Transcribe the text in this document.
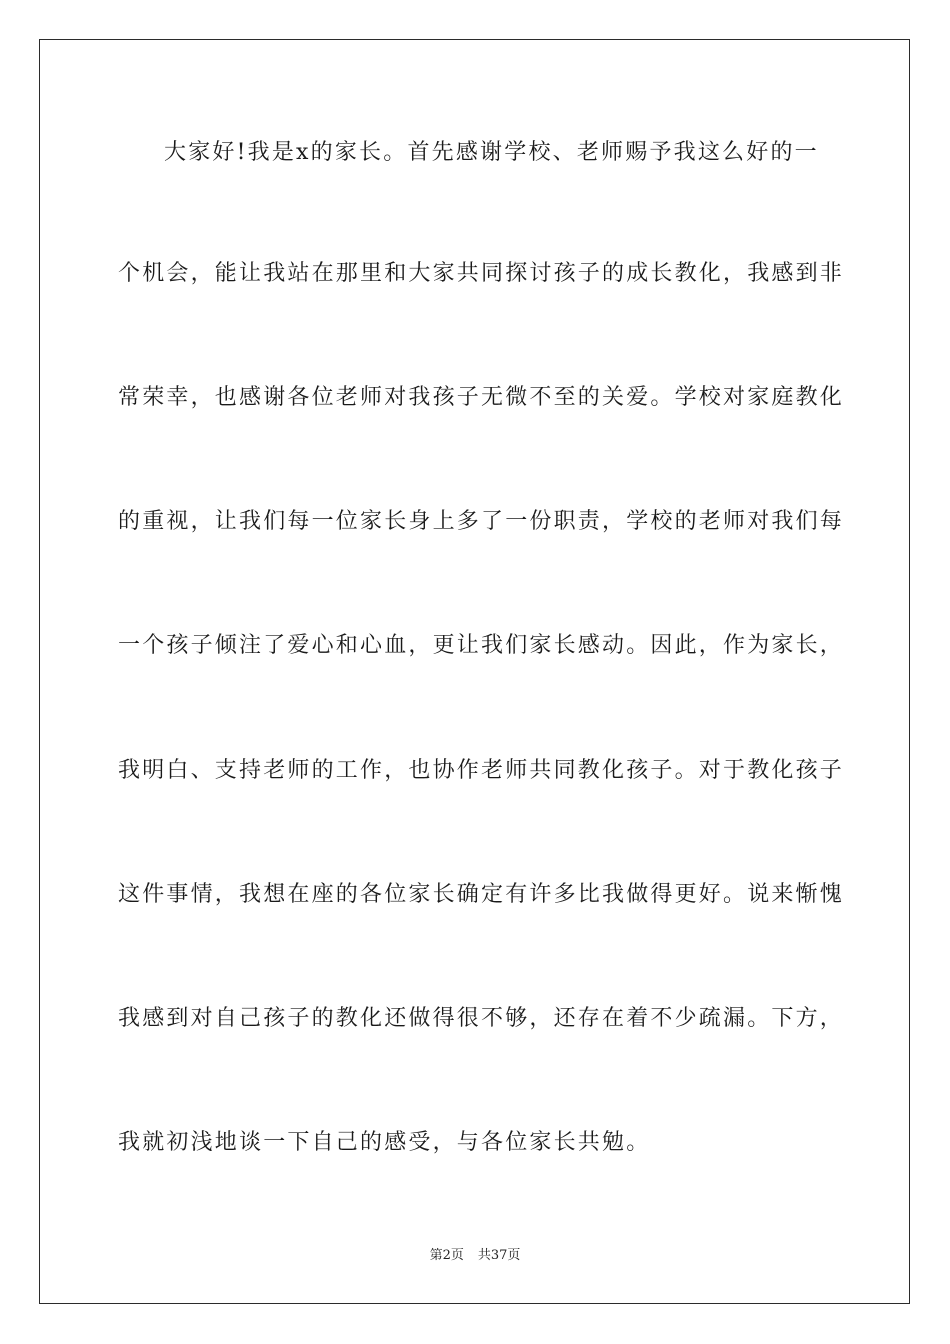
大家好!我是x的家长。首先感谢学校、老师赐予我这么好的一
个机会，能让我站在那里和大家共同探讨孩子的成长教化，我感到非
常荣幸，也感谢各位老师对我孩子无微不至的关爱。学校对家庭教化
的重视，让我们每一位家长身上多了一份职责，学校的老师对我们每
一个孩子倾注了爱心和心血，更让我们家长感动。因此，作为家长，
我明白、支持老师的工作，也协作老师共同教化孩子。对于教化孩子
这件事情，我想在座的各位家长确定有许多比我做得更好。说来惭愧
我感到对自己孩子的教化还做得很不够，还存在着不少疏漏。下方，
我就初浅地谈一下自己的感受，与各位家长共勉。
第2页 共37页
